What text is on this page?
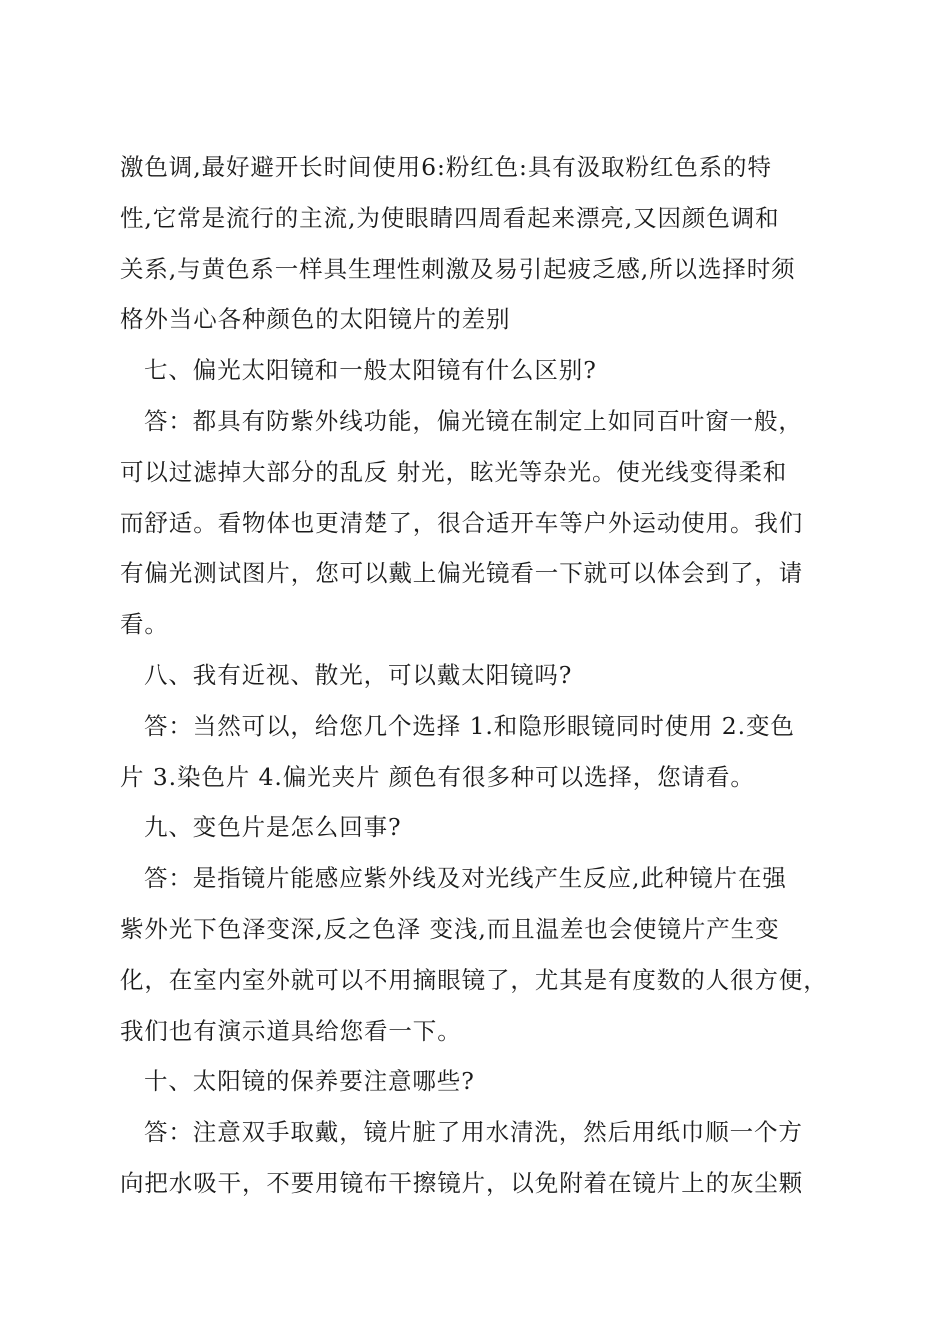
激色调,最好避开长时间使用6:粉红色:具有汲取粉红色系的特
性,它常是流行的主流,为使眼睛四周看起来漂亮,又因颜色调和
关系,与黄色系一样具生理性刺激及易引起疲乏感,所以选择时须
格外当心各种颜色的太阳镜片的差别
七、偏光太阳镜和一般太阳镜有什么区别?
答：都具有防紫外线功能，偏光镜在制定上如同百叶窗一般，
可以过滤掉大部分的乱反 射光，眩光等杂光。使光线变得柔和
而舒适。看物体也更清楚了，很合适开车等户外运动使用。我们
有偏光测试图片，您可以戴上偏光镜看一下就可以体会到了，请
看。
八、我有近视、散光，可以戴太阳镜吗?
答：当然可以，给您几个选择 1.和隐形眼镜同时使用 2.变色
片 3.染色片 4.偏光夹片 颜色有很多种可以选择，您请看。
九、变色片是怎么回事?
答：是指镜片能感应紫外线及对光线产生反应,此种镜片在强
紫外光下色泽变深,反之色泽 变浅,而且温差也会使镜片产生变
化，在室内室外就可以不用摘眼镜了，尤其是有度数的人很方便，
我们也有演示道具给您看一下。
十、太阳镜的保养要注意哪些?
答：注意双手取戴，镜片脏了用水清洗，然后用纸巾顺一个方
向把水吸干，不要用镜布干擦镜片，以免附着在镜片上的灰尘颗
